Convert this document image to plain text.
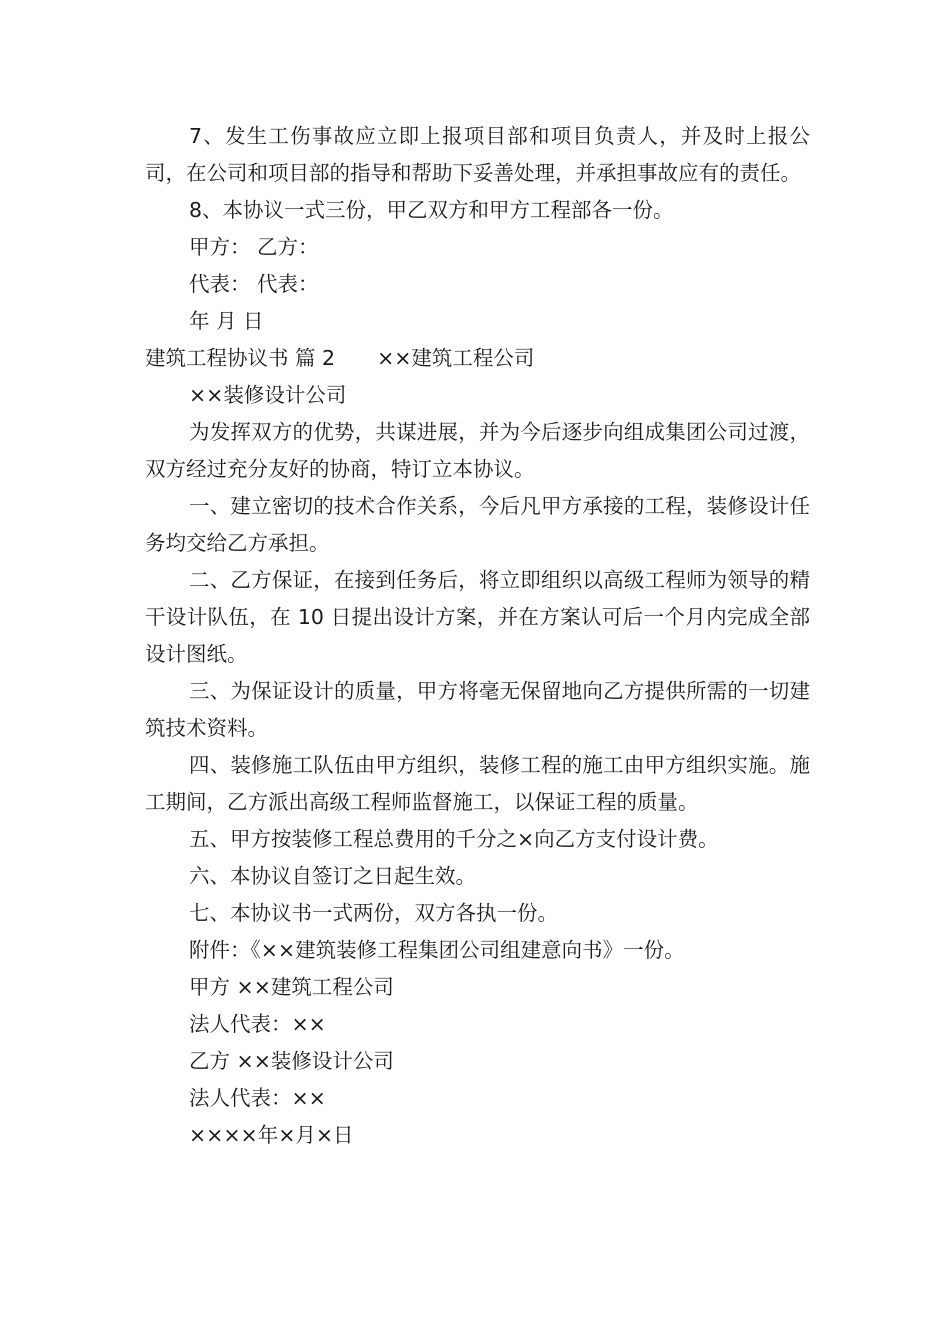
7、发生工伤事故应立即上报项目部和项目负责人，并及时上报公司，在公司和项目部的指导和帮助下妥善处理，并承担事故应有的责任。

8、本协议一式三份，甲乙双方和甲方工程部各一份。

甲方： 乙方：

代表： 代表：

年 月 日

建筑工程协议书 篇 2 ××建筑工程公司

××装修设计公司

为发挥双方的优势，共谋进展，并为今后逐步向组成集团公司过渡，双方经过充分友好的协商，特订立本协议。

一、建立密切的技术合作关系，今后凡甲方承接的工程，装修设计任务均交给乙方承担。

二、乙方保证，在接到任务后，将立即组织以高级工程师为领导的精干设计队伍，在 10 日提出设计方案，并在方案认可后一个月内完成全部设计图纸。

三、为保证设计的质量，甲方将毫无保留地向乙方提供所需的一切建筑技术资料。

四、装修施工队伍由甲方组织，装修工程的施工由甲方组织实施。施工期间，乙方派出高级工程师监督施工，以保证工程的质量。

五、甲方按装修工程总费用的千分之×向乙方支付设计费。

六、本协议自签订之日起生效。

七、本协议书一式两份，双方各执一份。

附件：《××建筑装修工程集团公司组建意向书》一份。

甲方 ××建筑工程公司

法人代表：××

乙方 ××装修设计公司

法人代表：××

××××年×月×日
